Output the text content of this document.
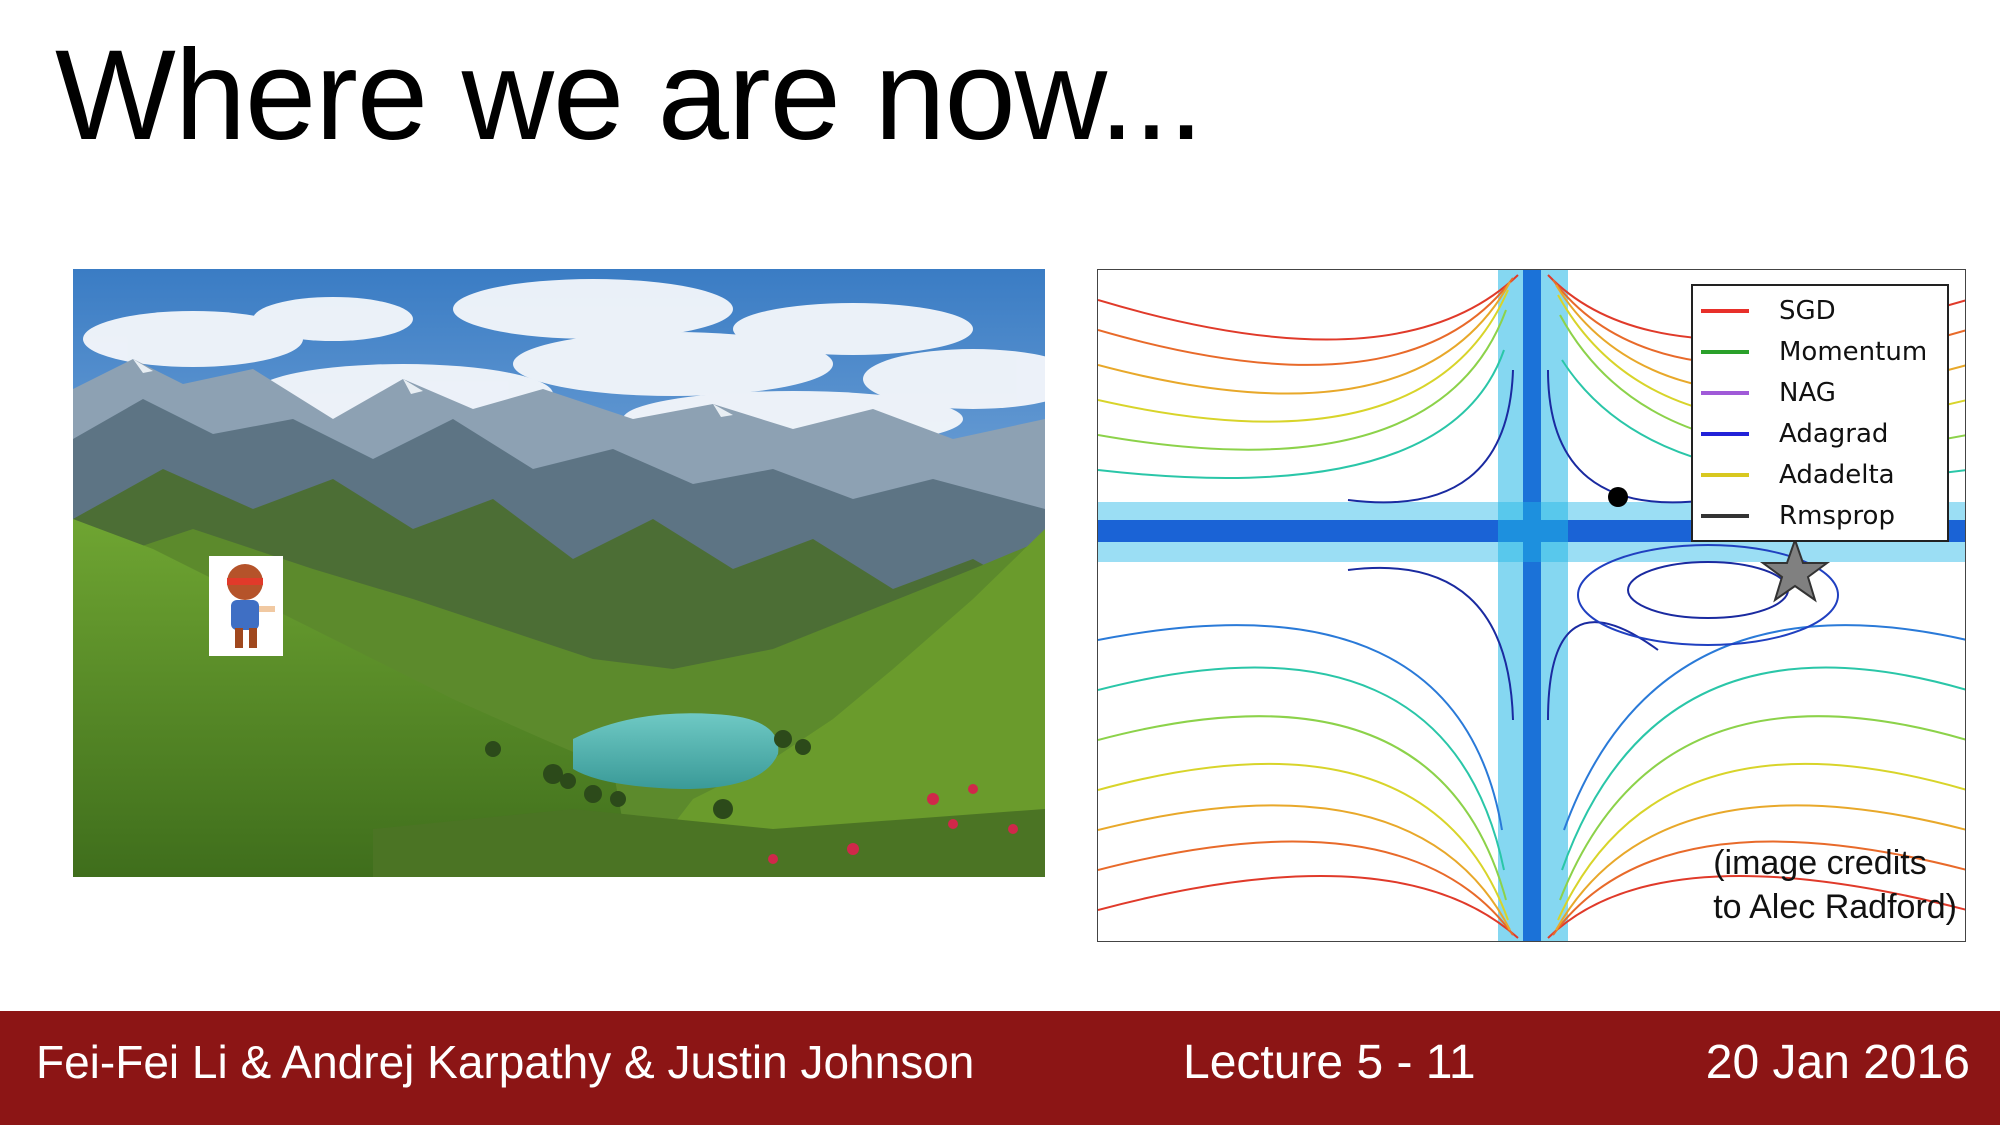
Where we are now...
SGD
Momentum
NAG
Adagrad
Adadelta
Rmsprop
(image credits
to Alec Radford)
Fei-Fei Li & Andrej Karpathy & Justin Johnson	Lecture 5 - 11	20 Jan 2016
